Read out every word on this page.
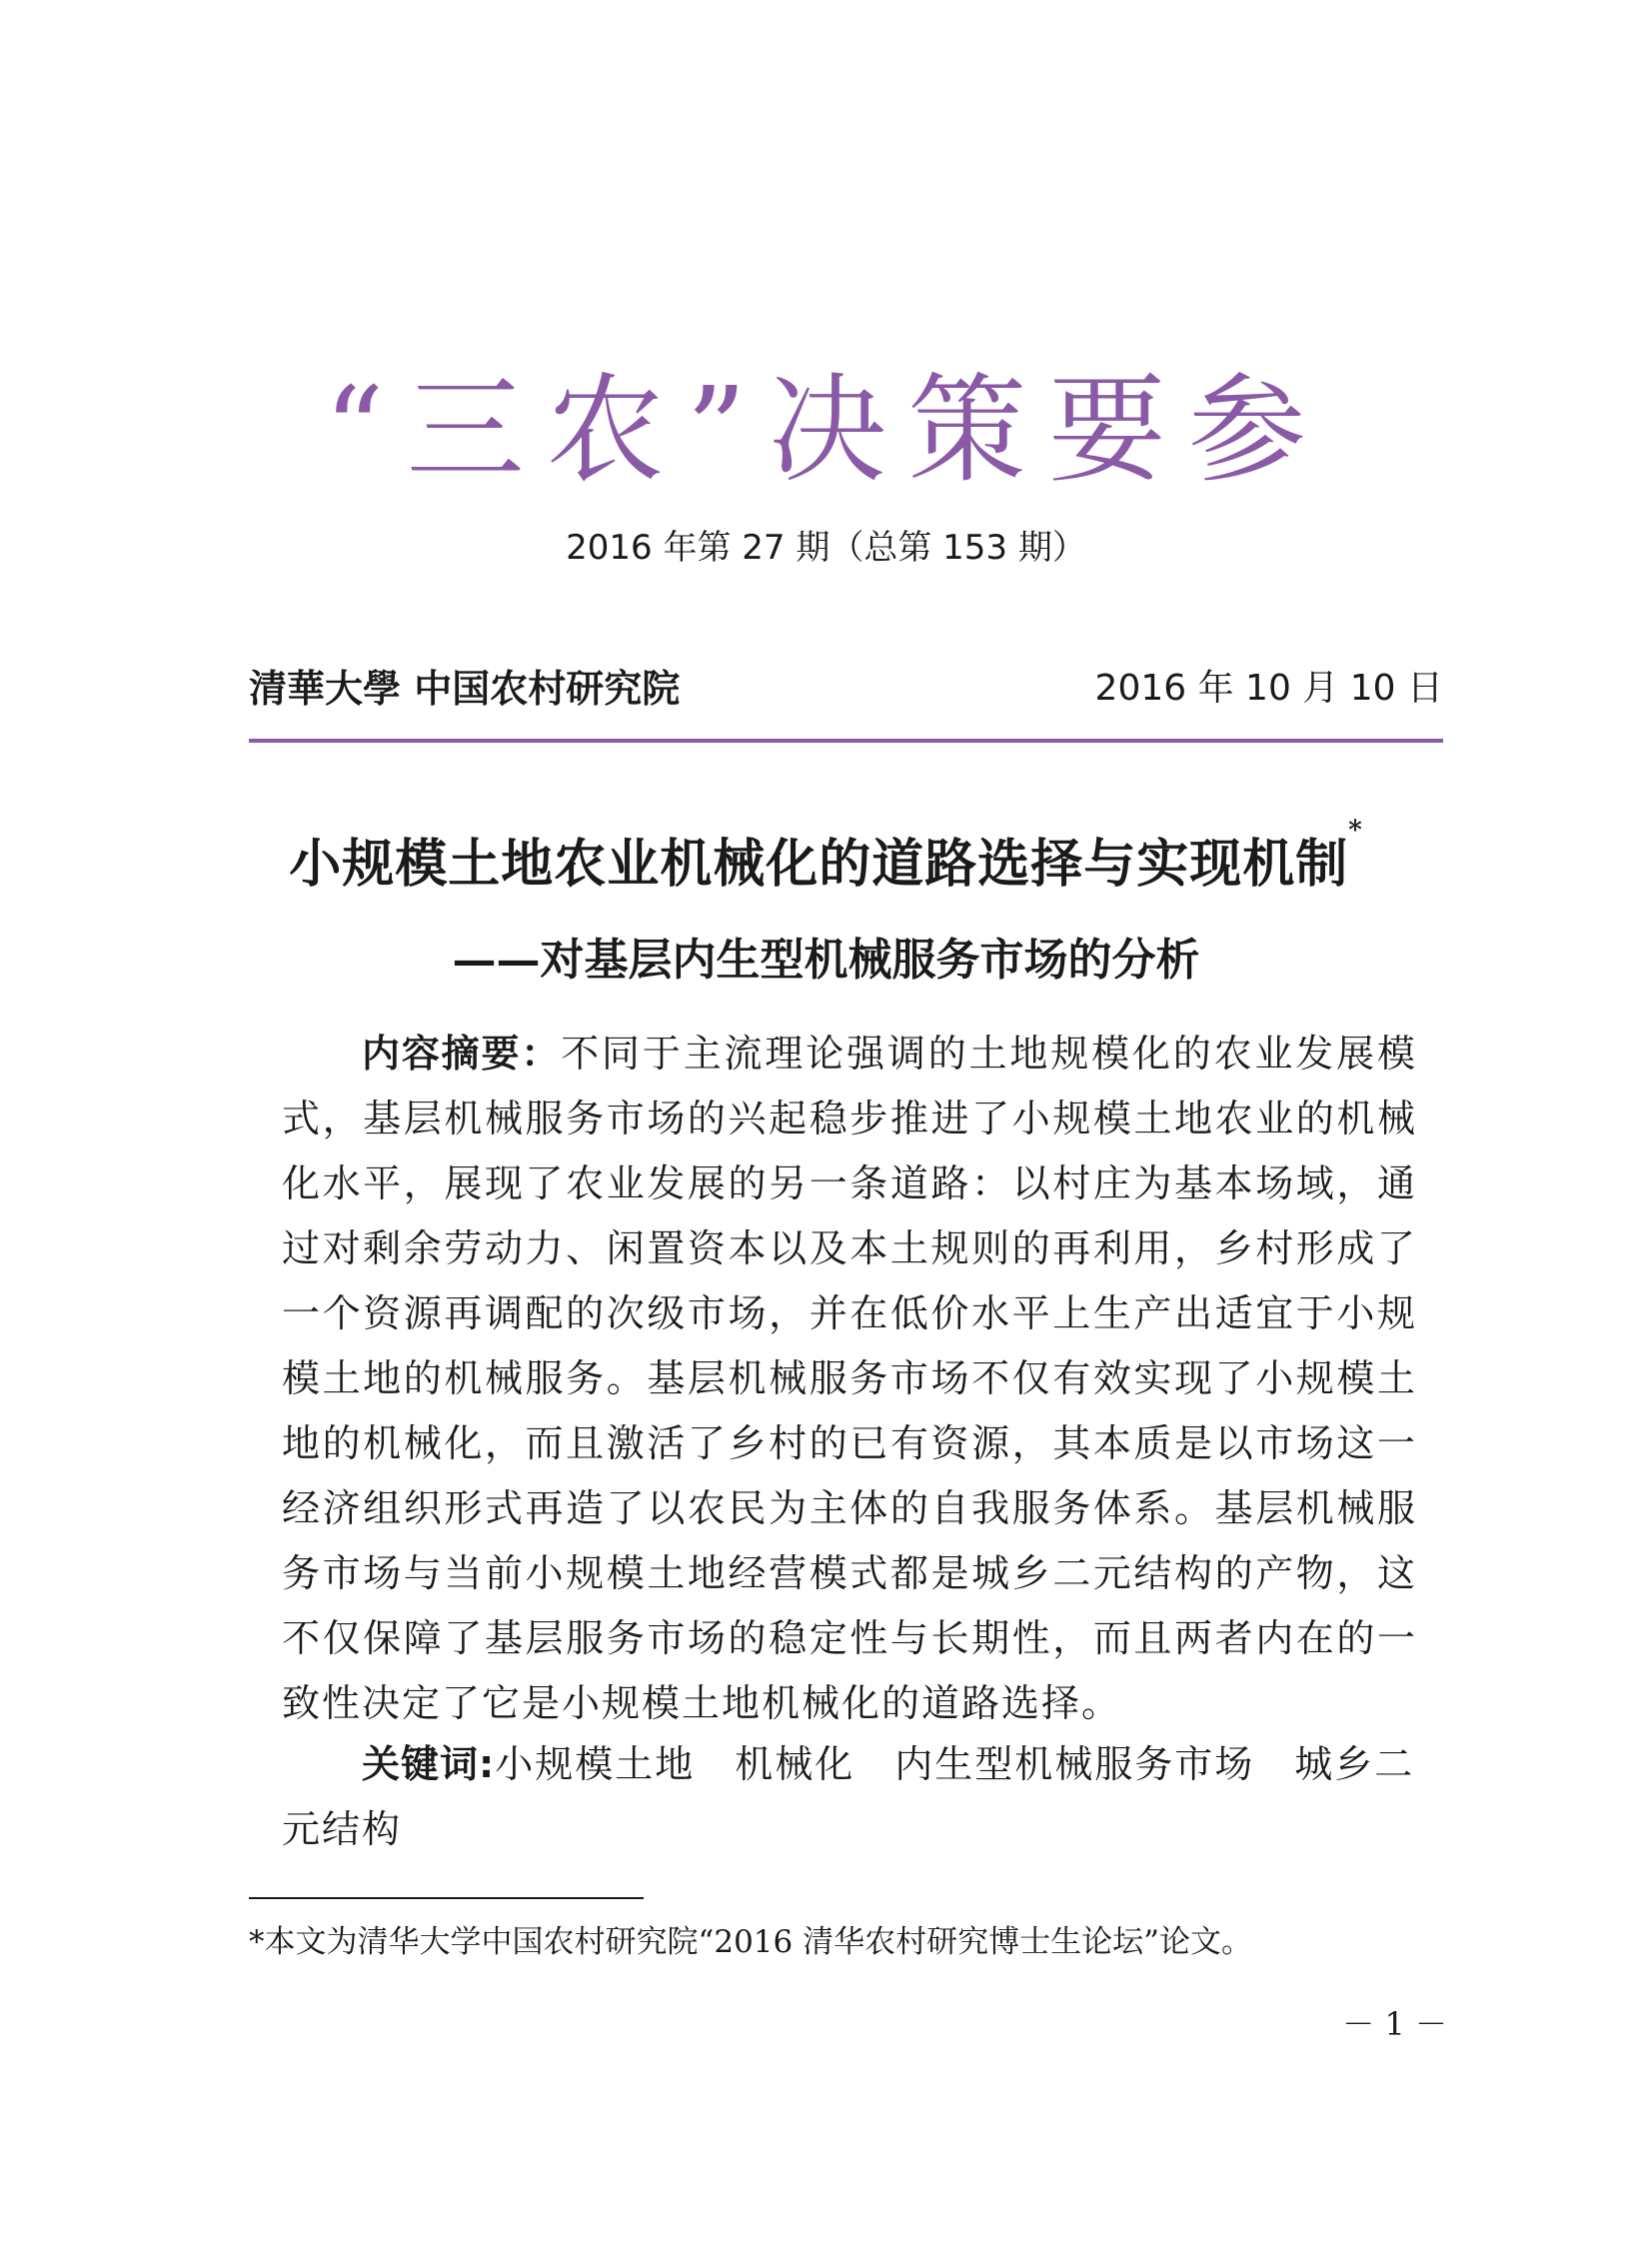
“三农”决策要参
2016 年第 27 期（总第 153 期）
清華大學 中国农村研究院	2016 年 10 月 10 日
小规模土地农业机械化的道路选择与实现机制*
——对基层内生型机械服务市场的分析

内容摘要：不同于主流理论强调的土地规模化的农业发展模式，基层机械服务市场的兴起稳步推进了小规模土地农业的机械化水平，展现了农业发展的另一条道路：以村庄为基本场域，通过对剩余劳动力、闲置资本以及本土规则的再利用，乡村形成了一个资源再调配的次级市场，并在低价水平上生产出适宜于小规模土地的机械服务。基层机械服务市场不仅有效实现了小规模土地的机械化，而且激活了乡村的已有资源，其本质是以市场这一经济组织形式再造了以农民为主体的自我服务体系。基层机械服务市场与当前小规模土地经营模式都是城乡二元结构的产物，这不仅保障了基层服务市场的稳定性与长期性，而且两者内在的一致性决定了它是小规模土地机械化的道路选择。

关键词:小规模土地 机械化 内生型机械服务市场 城乡二元结构

*本文为清华大学中国农村研究院“2016 清华农村研究博士生论坛”论文。
－ 1 －
